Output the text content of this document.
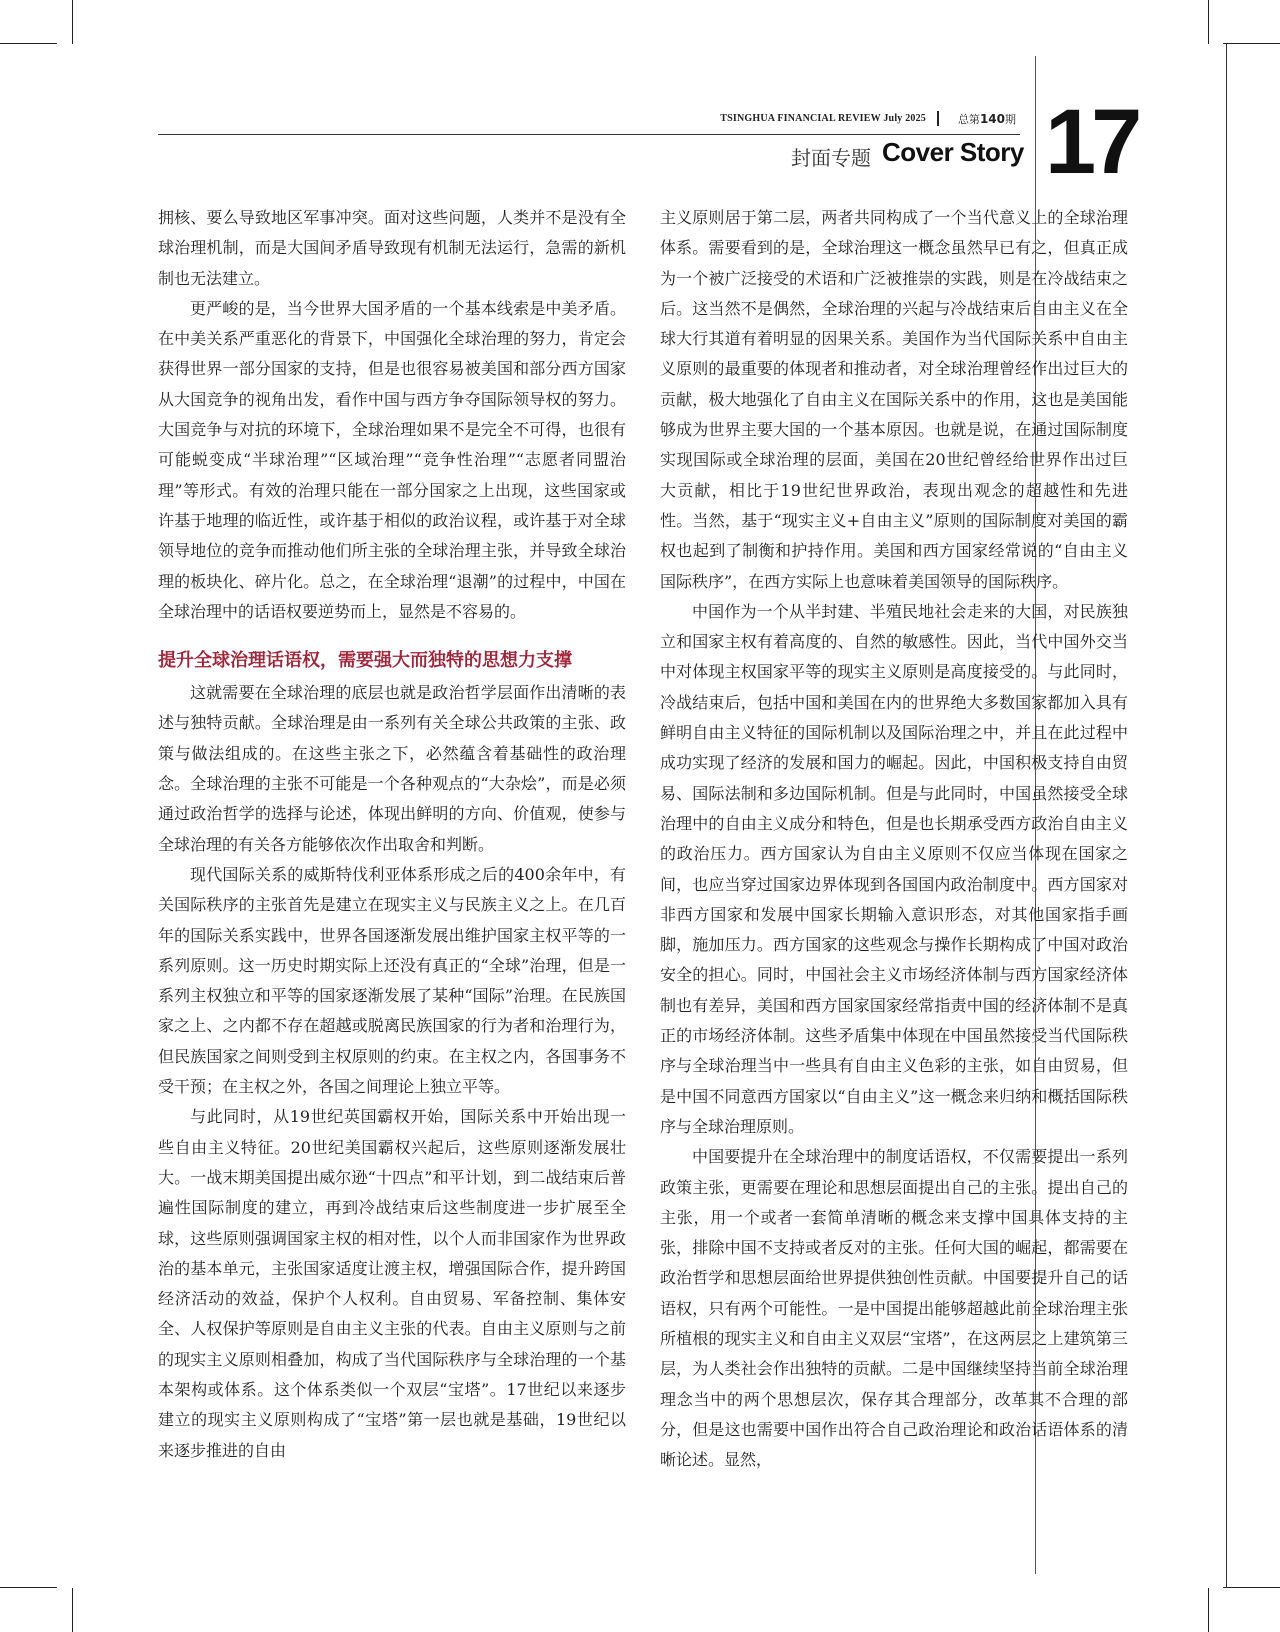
TSINGHUA FINANCIAL REVIEW July 2025	总第140期
封面专题 Cover Story 17

拥核、要么导致地区军事冲突。面对这些问题，人类并不是没有全球治理机制，而是大国间矛盾导致现有机制无法运行，急需的新机制也无法建立。

更严峻的是，当今世界大国矛盾的一个基本线索是中美矛盾。在中美关系严重恶化的背景下，中国强化全球治理的努力，肯定会获得世界一部分国家的支持，但是也很容易被美国和部分西方国家从大国竞争的视角出发，看作中国与西方争夺国际领导权的努力。大国竞争与对抗的环境下，全球治理如果不是完全不可得，也很有可能蜕变成“半球治理”“区域治理”“竞争性治理”“志愿者同盟治理”等形式。有效的治理只能在一部分国家之上出现，这些国家或许基于地理的临近性，或许基于相似的政治议程，或许基于对全球领导地位的竞争而推动他们所主张的全球治理主张，并导致全球治理的板块化、碎片化。总之，在全球治理“退潮”的过程中，中国在全球治理中的话语权要逆势而上，显然是不容易的。

提升全球治理话语权，需要强大而独特的思想力支撑

这就需要在全球治理的底层也就是政治哲学层面作出清晰的表述与独特贡献。全球治理是由一系列有关全球公共政策的主张、政策与做法组成的。在这些主张之下，必然蕴含着基础性的政治理念。全球治理的主张不可能是一个各种观点的“大杂烩”，而是必须通过政治哲学的选择与论述，体现出鲜明的方向、价值观，使参与全球治理的有关各方能够依次作出取舍和判断。

现代国际关系的威斯特伐利亚体系形成之后的400余年中，有关国际秩序的主张首先是建立在现实主义与民族主义之上。在几百年的国际关系实践中，世界各国逐渐发展出维护国家主权平等的一系列原则。这一历史时期实际上还没有真正的“全球”治理，但是一系列主权独立和平等的国家逐渐发展了某种“国际”治理。在民族国家之上、之内都不存在超越或脱离民族国家的行为者和治理行为，但民族国家之间则受到主权原则的约束。在主权之内，各国事务不受干预；在主权之外，各国之间理论上独立平等。

与此同时，从19世纪英国霸权开始，国际关系中开始出现一些自由主义特征。20世纪美国霸权兴起后，这些原则逐渐发展壮大。一战末期美国提出威尔逊“十四点”和平计划，到二战结束后普遍性国际制度的建立，再到冷战结束后这些制度进一步扩展至全球，这些原则强调国家主权的相对性，以个人而非国家作为世界政治的基本单元，主张国家适度让渡主权，增强国际合作，提升跨国经济活动的效益，保护个人权利。自由贸易、军备控制、集体安全、人权保护等原则是自由主义主张的代表。自由主义原则与之前的现实主义原则相叠加，构成了当代国际秩序与全球治理的一个基本架构或体系。这个体系类似一个双层“宝塔”。17世纪以来逐步建立的现实主义原则构成了“宝塔”第一层也就是基础，19世纪以来逐步推进的自由

主义原则居于第二层，两者共同构成了一个当代意义上的全球治理体系。需要看到的是，全球治理这一概念虽然早已有之，但真正成为一个被广泛接受的术语和广泛被推崇的实践，则是在冷战结束之后。这当然不是偶然，全球治理的兴起与冷战结束后自由主义在全球大行其道有着明显的因果关系。美国作为当代国际关系中自由主义原则的最重要的体现者和推动者，对全球治理曾经作出过巨大的贡献，极大地强化了自由主义在国际关系中的作用，这也是美国能够成为世界主要大国的一个基本原因。也就是说，在通过国际制度实现国际或全球治理的层面，美国在20世纪曾经给世界作出过巨大贡献，相比于19世纪世界政治，表现出观念的超越性和先进性。当然，基于“现实主义+自由主义”原则的国际制度对美国的霸权也起到了制衡和护持作用。美国和西方国家经常说的“自由主义国际秩序”，在西方实际上也意味着美国领导的国际秩序。

中国作为一个从半封建、半殖民地社会走来的大国，对民族独立和国家主权有着高度的、自然的敏感性。因此，当代中国外交当中对体现主权国家平等的现实主义原则是高度接受的。与此同时，冷战结束后，包括中国和美国在内的世界绝大多数国家都加入具有鲜明自由主义特征的国际机制以及国际治理之中，并且在此过程中成功实现了经济的发展和国力的崛起。因此，中国积极支持自由贸易、国际法制和多边国际机制。但是与此同时，中国虽然接受全球治理中的自由主义成分和特色，但是也长期承受西方政治自由主义的政治压力。西方国家认为自由主义原则不仅应当体现在国家之间，也应当穿过国家边界体现到各国国内政治制度中。西方国家对非西方国家和发展中国家长期输入意识形态，对其他国家指手画脚，施加压力。西方国家的这些观念与操作长期构成了中国对政治安全的担心。同时，中国社会主义市场经济体制与西方国家经济体制也有差异，美国和西方国家国家经常指责中国的经济体制不是真正的市场经济体制。这些矛盾集中体现在中国虽然接受当代国际秩序与全球治理当中一些具有自由主义色彩的主张，如自由贸易，但是中国不同意西方国家以“自由主义”这一概念来归纳和概括国际秩序与全球治理原则。

中国要提升在全球治理中的制度话语权，不仅需要提出一系列政策主张，更需要在理论和思想层面提出自己的主张。提出自己的主张，用一个或者一套简单清晰的概念来支撑中国具体支持的主张，排除中国不支持或者反对的主张。任何大国的崛起，都需要在政治哲学和思想层面给世界提供独创性贡献。中国要提升自己的话语权，只有两个可能性。一是中国提出能够超越此前全球治理主张所植根的现实主义和自由主义双层“宝塔”，在这两层之上建筑第三层，为人类社会作出独特的贡献。二是中国继续坚持当前全球治理理念当中的两个思想层次，保存其合理部分，改革其不合理的部分，但是这也需要中国作出符合自己政治理论和政治话语体系的清晰论述。显然，
